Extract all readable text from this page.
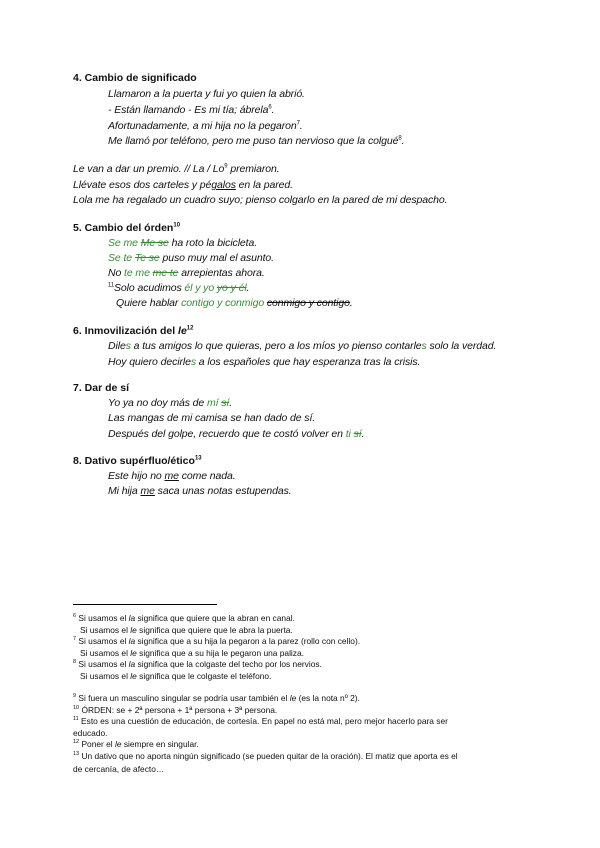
4. Cambio de significado
Llamaron a la puerta y fui yo quien la abrió.
- Están llamando - Es mi tía; ábrela$^6$.
Afortunadamente, a mi hija no la pegaron$^7$.
Me llamó por teléfono, pero me puso tan nervioso que la colgué$^8$.
Le van a dar un premio. // La / Lo$^9$ premiaron.
Llévate esos dos carteles y pégalos en la pared.
Lola me ha regalado un cuadro suyo; pienso colgarlo en la pared de mi despacho.
5. Cambio del órden$^{10}$
Se me Me se ha roto la bicicleta.
Se te Te se puso muy mal el asunto.
No te me me te arrepientas ahora.
$^{11}$Solo acudimos él y yo yo y él.
Quiere hablar contigo y conmigo conmigo y contigo.
6. Inmovilización del $le^{12}$
Diles a tus amigos lo que quieras, pero a los míos yo pienso contarles solo la verdad.
Hoy quiero decirles a los españoles que hay esperanza tras la crisis.
7. Dar de sí
Yo ya no doy más de mí sí.
Las mangas de mi camisa se han dado de sí.
Después del golpe, recuerdo que te costó volver en ti sí.
8. Dativo supérfluo/ético$^{13}$
Este hijo no me come nada.
Mi hija me saca unas notas estupendas.
$^6$ Si usamos el la significa que quiere que la abran en canal.
Si usamos el le significa que quiere que le abra la puerta.
$^7$ Si usamos el la significa que a su hija la pegaron a la parez (rollo con cello).
Si usamos el le significa que a su hija le pegaron una paliza.
$^8$ Si usamos el la significa que la colgaste del techo por los nervios.
Si usamos el le significa que le colgaste el teléfono.
$^9$ Si fuera un masculino singular se podría usar también el le (es la nota nº 2).
$^{10}$ ÓRDEN: se + 2ª persona + 1ª persona + 3ª persona.
$^{11}$ Esto es una cuestión de educación, de cortesía. En papel no está mal, pero mejor hacerlo para ser
educado.
$^{12}$ Poner el le siempre en singular.
$^{13}$ Un dativo que no aporta ningún significado (se pueden quitar de la oración). El matiz que aporta es el
de cercanía, de afecto…
